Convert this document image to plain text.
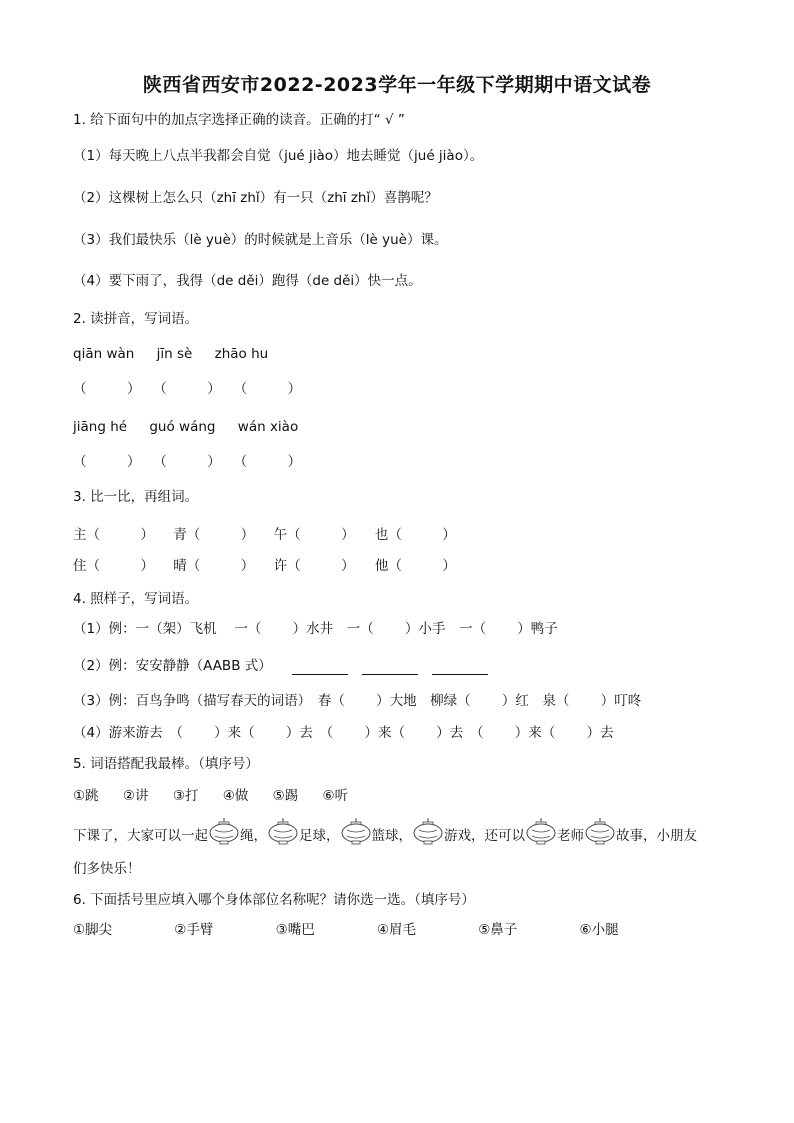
陕西省西安市2022-2023学年一年级下学期期中语文试卷
1. 给下面句中的加点字选择正确的读音。正确的打“ √ ”
（1）每天晚上八点半我都会自觉（jué jiào）地去睡觉（jué jiào）。
（2）这棵树上怎么只（zhī zhǐ）有一只（zhī zhǐ）喜鹊呢？
（3）我们最快乐（lè yuè）的时候就是上音乐（lè yuè）课。
（4）要下雨了，我得（de děi）跑得（de děi）快一点。
2. 读拼音，写词语。
qiān wàn jīn sè zhāo hu
（　　　） （　　　） （　　　）
jiāng hé guó wáng wán xiào
（　　　） （　　　） （　　　）
3. 比一比，再组词。
主（　　　） 青（　　　） 午（　　　） 也（　　　）
住（　　　） 晴（　　　） 许（　　　） 他（　　　）
4. 照样子，写词语。
（1）例：一（架）飞机　 一（　　 ）水井　一（　　 ）小手　一（　　 ）鸭子
（2）例：安安静静（AABB 式）
（3）例：百鸟争鸣（描写春天的词语）　春（　　 ）大地　柳绿（　　 ）红　泉（　　 ）叮咚
（4）游来游去　（　　 ）来（　　 ）去　（　　 ）来（　　 ）去　（　　 ）来（　　 ）去
5. 词语搭配我最棒。（填序号）
①跳 ②讲 ③打 ④做 ⑤踢 ⑥听
下课了，大家可以一起 绳， 足球， 篮球， 游戏，还可以 老师 故事，小朋友
们多快乐！
6. 下面括号里应填入哪个身体部位名称呢？请你选一选。（填序号）
①脚尖	②手臂	③嘴巴	④眉毛	⑤鼻子	⑥小腿
